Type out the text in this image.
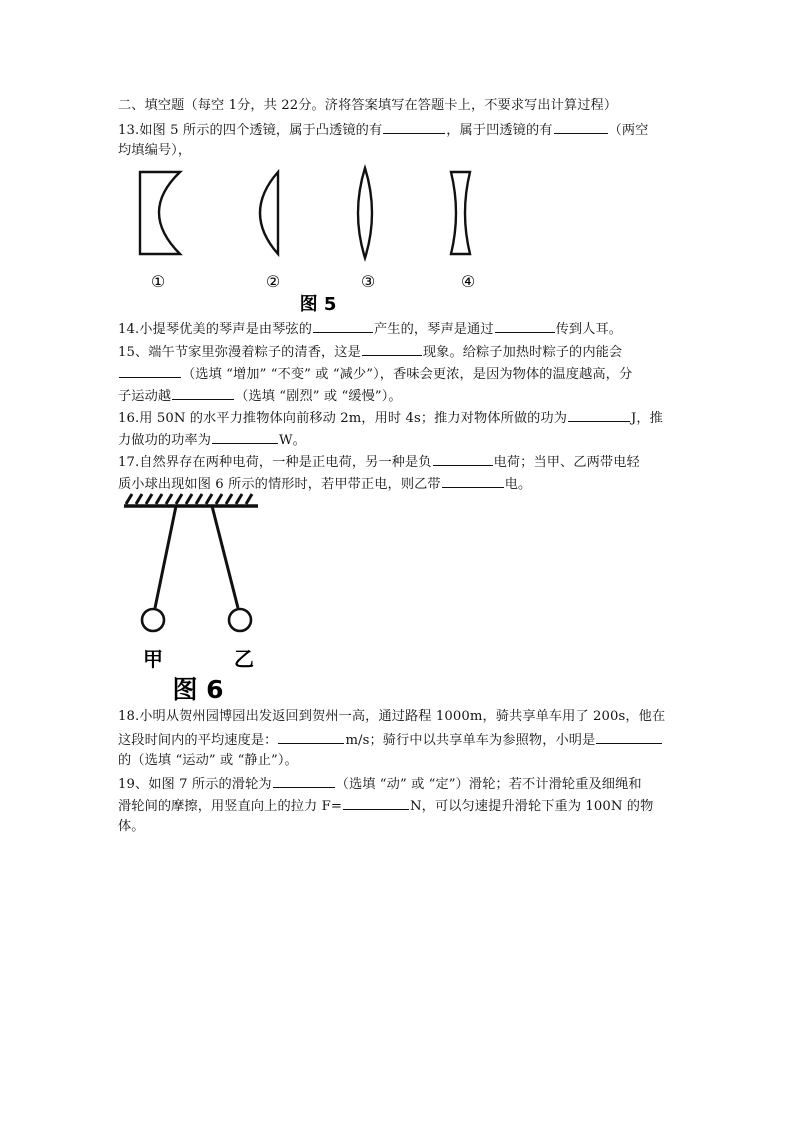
二、填空题（每空 1分，共 22分。济将答案填写在答题卡上，不要求写出计算过程）
13.如图 5 所示的四个透镜，属于凸透镜的有	，属于凹透镜的有	（两空
均填编号），
①	②	③	④
图 5
14.小提琴优美的琴声是由琴弦的	产生的，琴声是通过	传到人耳。
15、端午节家里弥漫着粽子的清香，这是	现象。给粽子加热时粽子的内能会
（选填 “增加” “不变” 或 “减少”），香味会更浓，是因为物体的温度越高，分
子运动越	（选填 “剧烈” 或 “缓慢”）。
16.用 50N 的水平力推物体向前移动 2m，用时 4s；推力对物体所做的功为	J，推
力做功的功率为	W。
17.自然界存在两种电荷，一种是正电荷，另一种是负	电荷；当甲、乙两带电轻
质小球出现如图 6 所示的情形时，若甲带正电，则乙带	电。
甲	乙
图 6
18.小明从贺州园博园出发返回到贺州一高，通过路程 1000m，骑共享单车用了 200s，他在
这段时间内的平均速度是：	m/s；骑行中以共享单车为参照物，小明是
的（选填 “运动” 或 “静止”）。
19、如图 7 所示的滑轮为	（选填 “动” 或 “定”）滑轮；若不计滑轮重及细绳和
滑轮间的摩擦，用竖直向上的拉力 F=	N，可以匀速提升滑轮下重为 100N 的物
体。
